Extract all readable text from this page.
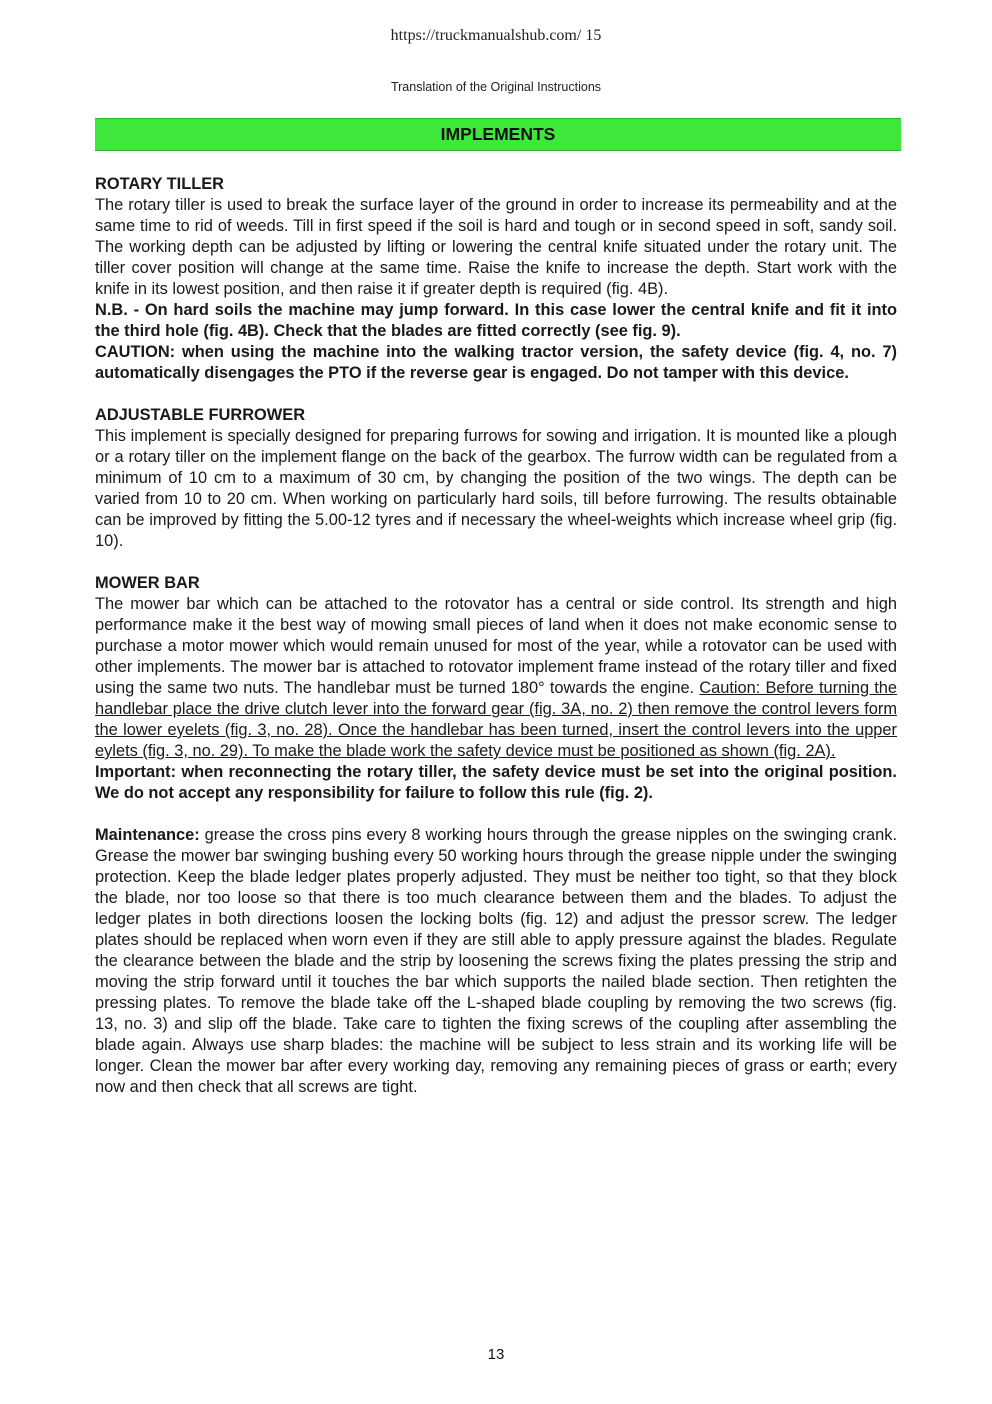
https://truckmanualshub.com/ 15
Translation of the Original Instructions
IMPLEMENTS

ROTARY TILLER

The rotary tiller is used to break the surface layer of the ground in order to increase its permeability and at the same time to rid of weeds. Till in first speed if the soil is hard and tough or in second speed in soft, sandy soil. The working depth can be adjusted by lifting or lowering the central knife situated under the rotary unit. The tiller cover position will change at the same time. Raise the knife to increase the depth. Start work with the knife in its lowest position, and then raise it if greater depth is required (fig. 4B).

N.B. - On hard soils the machine may jump forward. In this case lower the central knife and fit it into the third hole (fig. 4B). Check that the blades are fitted correctly (see fig. 9).

CAUTION: when using the machine into the walking tractor version, the safety device (fig. 4, no. 7) automatically disengages the PTO if the reverse gear is engaged. Do not tamper with this device.

ADJUSTABLE FURROWER

This implement is specially designed for preparing furrows for sowing and irrigation. It is mounted like a plough or a rotary tiller on the implement flange on the back of the gearbox. The furrow width can be regulated from a minimum of 10 cm to a maximum of 30 cm, by changing the position of the two wings. The depth can be varied from 10 to 20 cm. When working on particularly hard soils, till before furrowing. The results obtainable can be improved by fitting the 5.00-12 tyres and if necessary the wheel-weights which increase wheel grip (fig. 10).

MOWER BAR

The mower bar which can be attached to the rotovator has a central or side control. Its strength and high performance make it the best way of mowing small pieces of land when it does not make economic sense to purchase a motor mower which would remain unused for most of the year, while a rotovator can be used with other implements. The mower bar is attached to rotovator implement frame instead of the rotary tiller and fixed using the same two nuts. The handlebar must be turned 180° towards the engine. Caution: Before turning the handlebar place the drive clutch lever into the forward gear (fig. 3A, no. 2) then remove the control levers form the lower eyelets (fig. 3, no. 28). Once the handlebar has been turned, insert the control levers into the upper eylets (fig. 3, no. 29). To make the blade work the safety device must be positioned as shown (fig. 2A).

Important: when reconnecting the rotary tiller, the safety device must be set into the original position. We do not accept any responsibility for failure to follow this rule (fig. 2).

Maintenance: grease the cross pins every 8 working hours through the grease nipples on the swinging crank. Grease the mower bar swinging bushing every 50 working hours through the grease nipple under the swinging protection. Keep the blade ledger plates properly adjusted. They must be neither too tight, so that they block the blade, nor too loose so that there is too much clearance between them and the blades. To adjust the ledger plates in both directions loosen the locking bolts (fig. 12) and adjust the pressor screw. The ledger plates should be replaced when worn even if they are still able to apply pressure against the blades. Regulate the clearance between the blade and the strip by loosening the screws fixing the plates pressing the strip and moving the strip forward until it touches the bar which supports the nailed blade section. Then retighten the pressing plates. To remove the blade take off the L-shaped blade coupling by removing the two screws (fig. 13, no. 3) and slip off the blade. Take care to tighten the fixing screws of the coupling after assembling the blade again. Always use sharp blades: the machine will be subject to less strain and its working life will be longer. Clean the mower bar after every working day, removing any remaining pieces of grass or earth; every now and then check that all screws are tight.

13
